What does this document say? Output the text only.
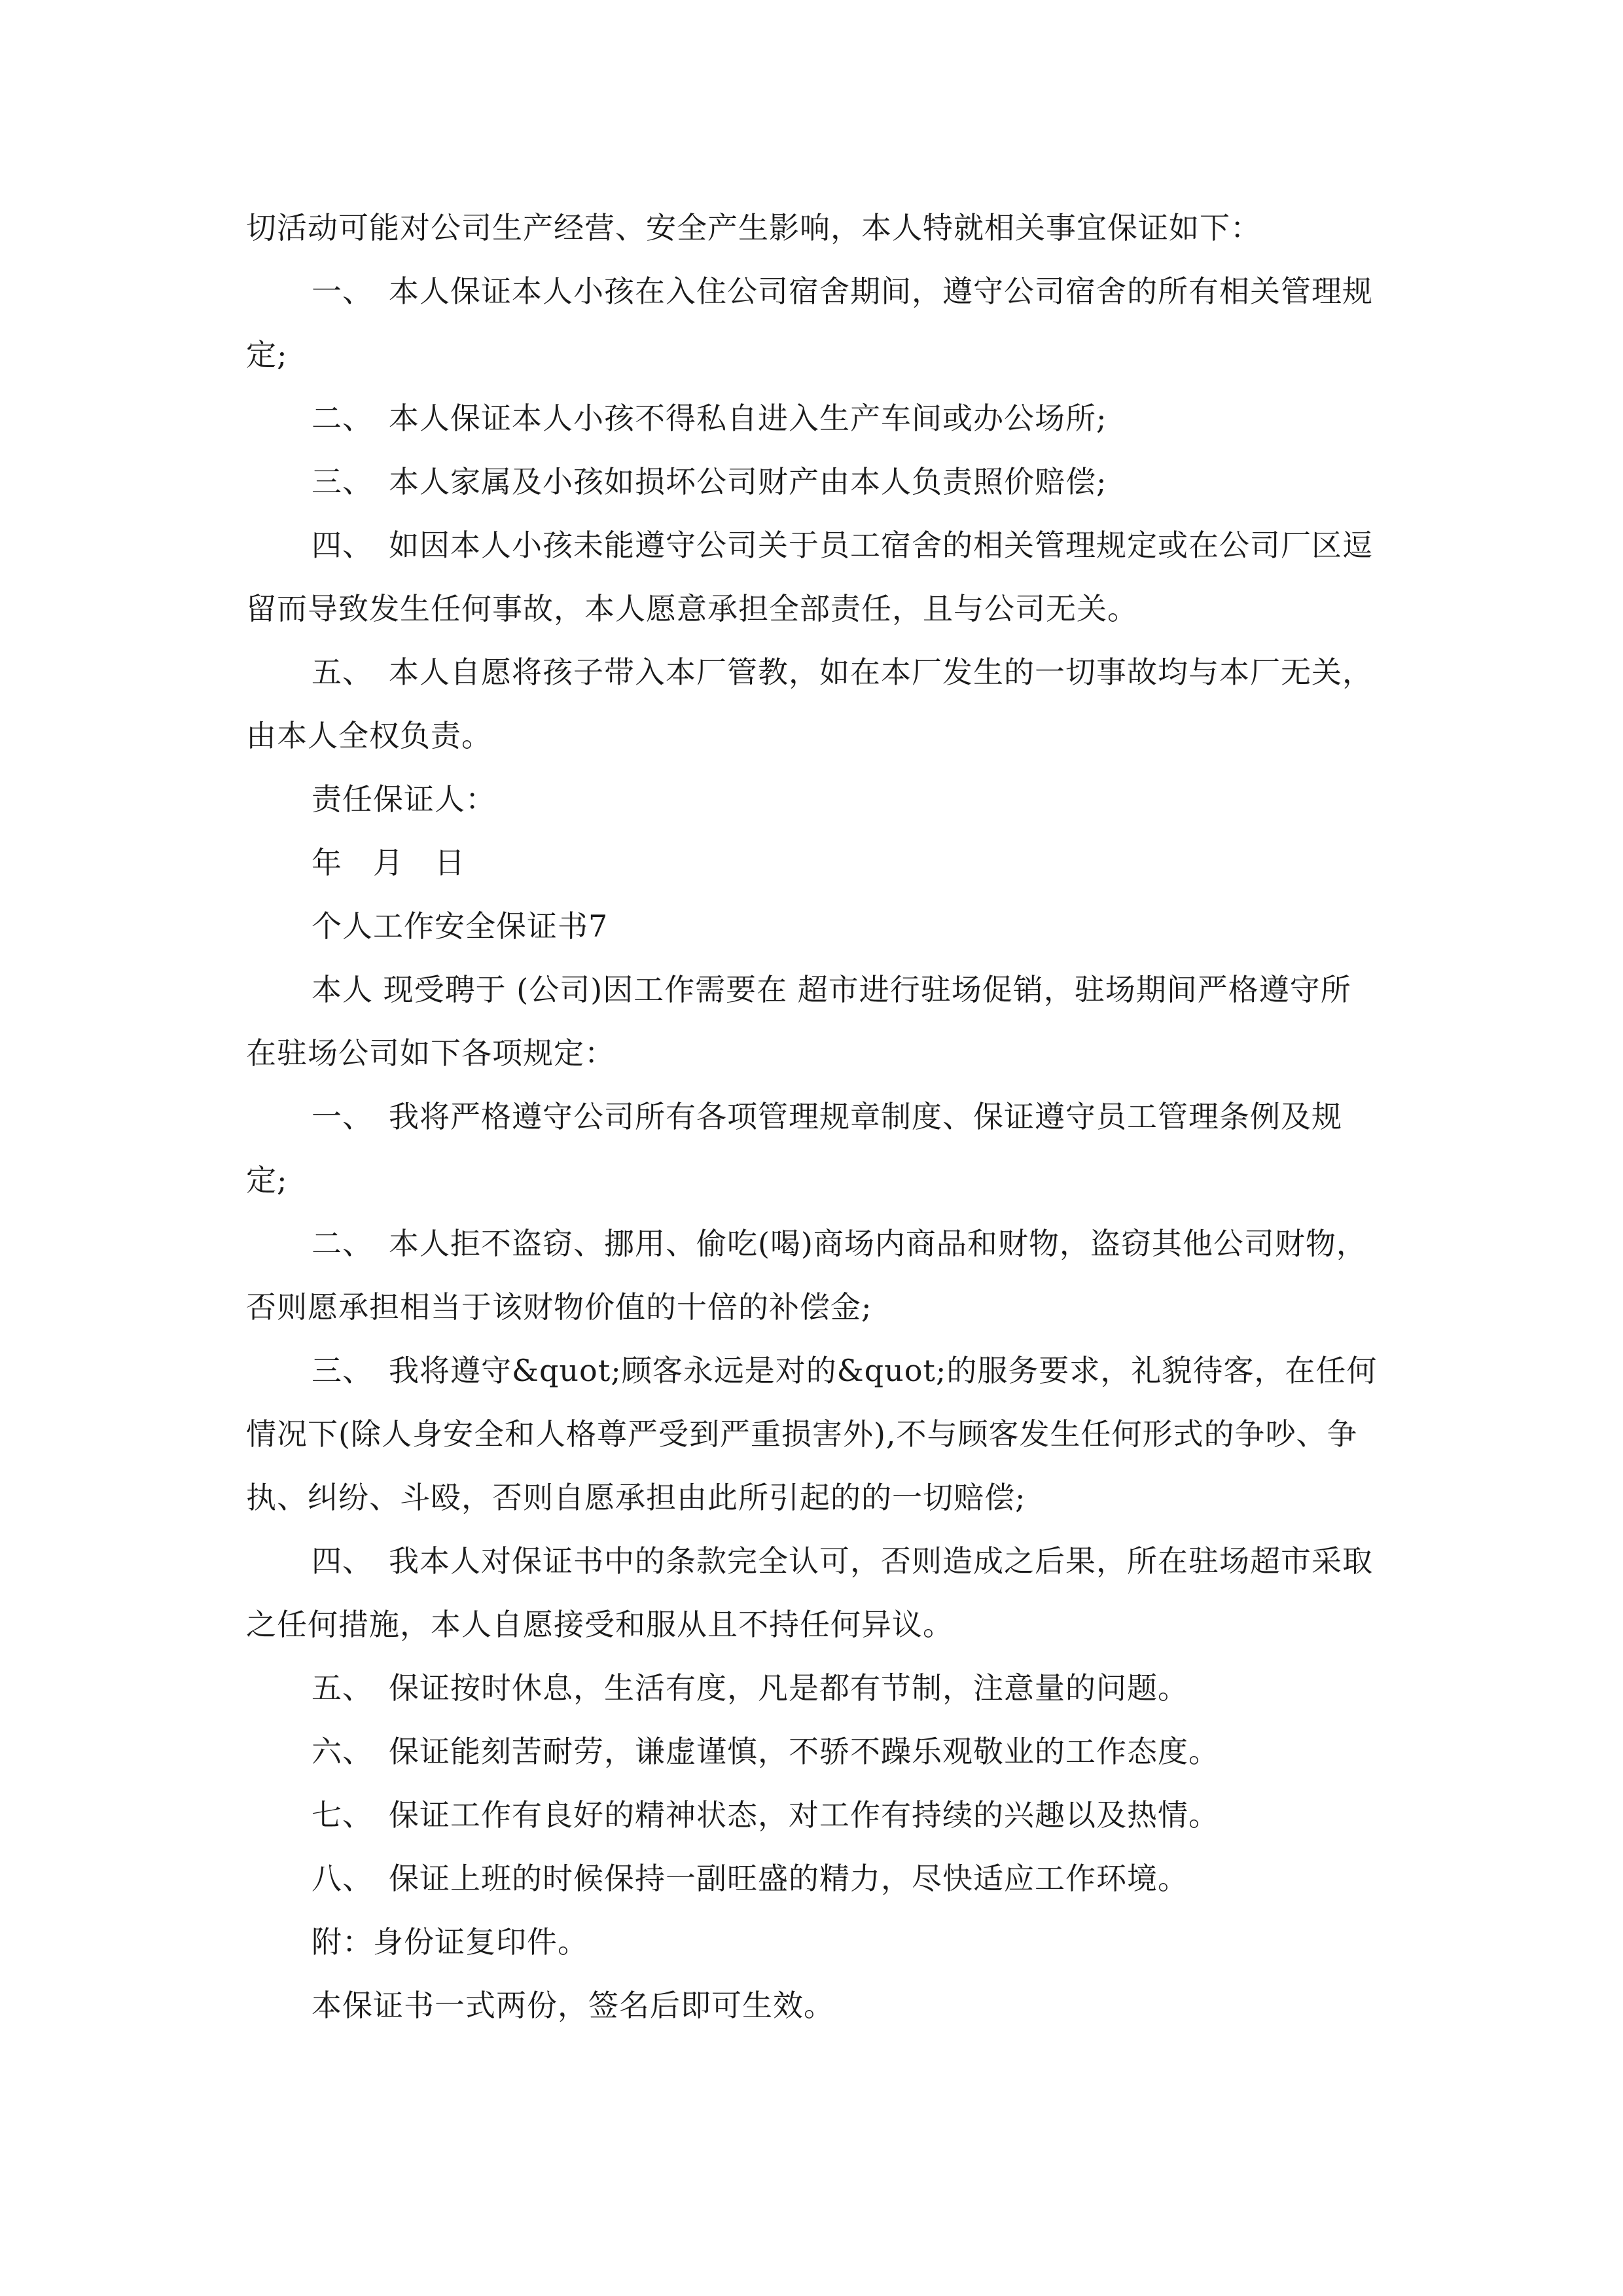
切活动可能对公司生产经营、安全产生影响，本人特就相关事宜保证如下：

一、　本人保证本人小孩在入住公司宿舍期间，遵守公司宿舍的所有相关管理规定;

二、　本人保证本人小孩不得私自进入生产车间或办公场所;

三、　本人家属及小孩如损坏公司财产由本人负责照价赔偿;

四、　如因本人小孩未能遵守公司关于员工宿舍的相关管理规定或在公司厂区逗留而导致发生任何事故，本人愿意承担全部责任，且与公司无关。

五、　本人自愿将孩子带入本厂管教，如在本厂发生的一切事故均与本厂无关，由本人全权负责。

责任保证人：

年　月　日

个人工作安全保证书7

本人 现受聘于 (公司)因工作需要在 超市进行驻场促销，驻场期间严格遵守所在驻场公司如下各项规定：

一、　我将严格遵守公司所有各项管理规章制度、保证遵守员工管理条例及规定;

二、　本人拒不盗窃、挪用、偷吃(喝)商场内商品和财物，盗窃其他公司财物，否则愿承担相当于该财物价值的十倍的补偿金;

三、　我将遵守&quot;顾客永远是对的&quot;的服务要求，礼貌待客，在任何情况下(除人身安全和人格尊严受到严重损害外),不与顾客发生任何形式的争吵、争执、纠纷、斗殴，否则自愿承担由此所引起的的一切赔偿;

四、　我本人对保证书中的条款完全认可，否则造成之后果，所在驻场超市采取之任何措施，本人自愿接受和服从且不持任何异议。

五、　保证按时休息，生活有度，凡是都有节制，注意量的问题。

六、　保证能刻苦耐劳，谦虚谨慎，不骄不躁乐观敬业的工作态度。

七、　保证工作有良好的精神状态，对工作有持续的兴趣以及热情。

八、　保证上班的时候保持一副旺盛的精力，尽快适应工作环境。

附：身份证复印件。

本保证书一式两份，签名后即可生效。
